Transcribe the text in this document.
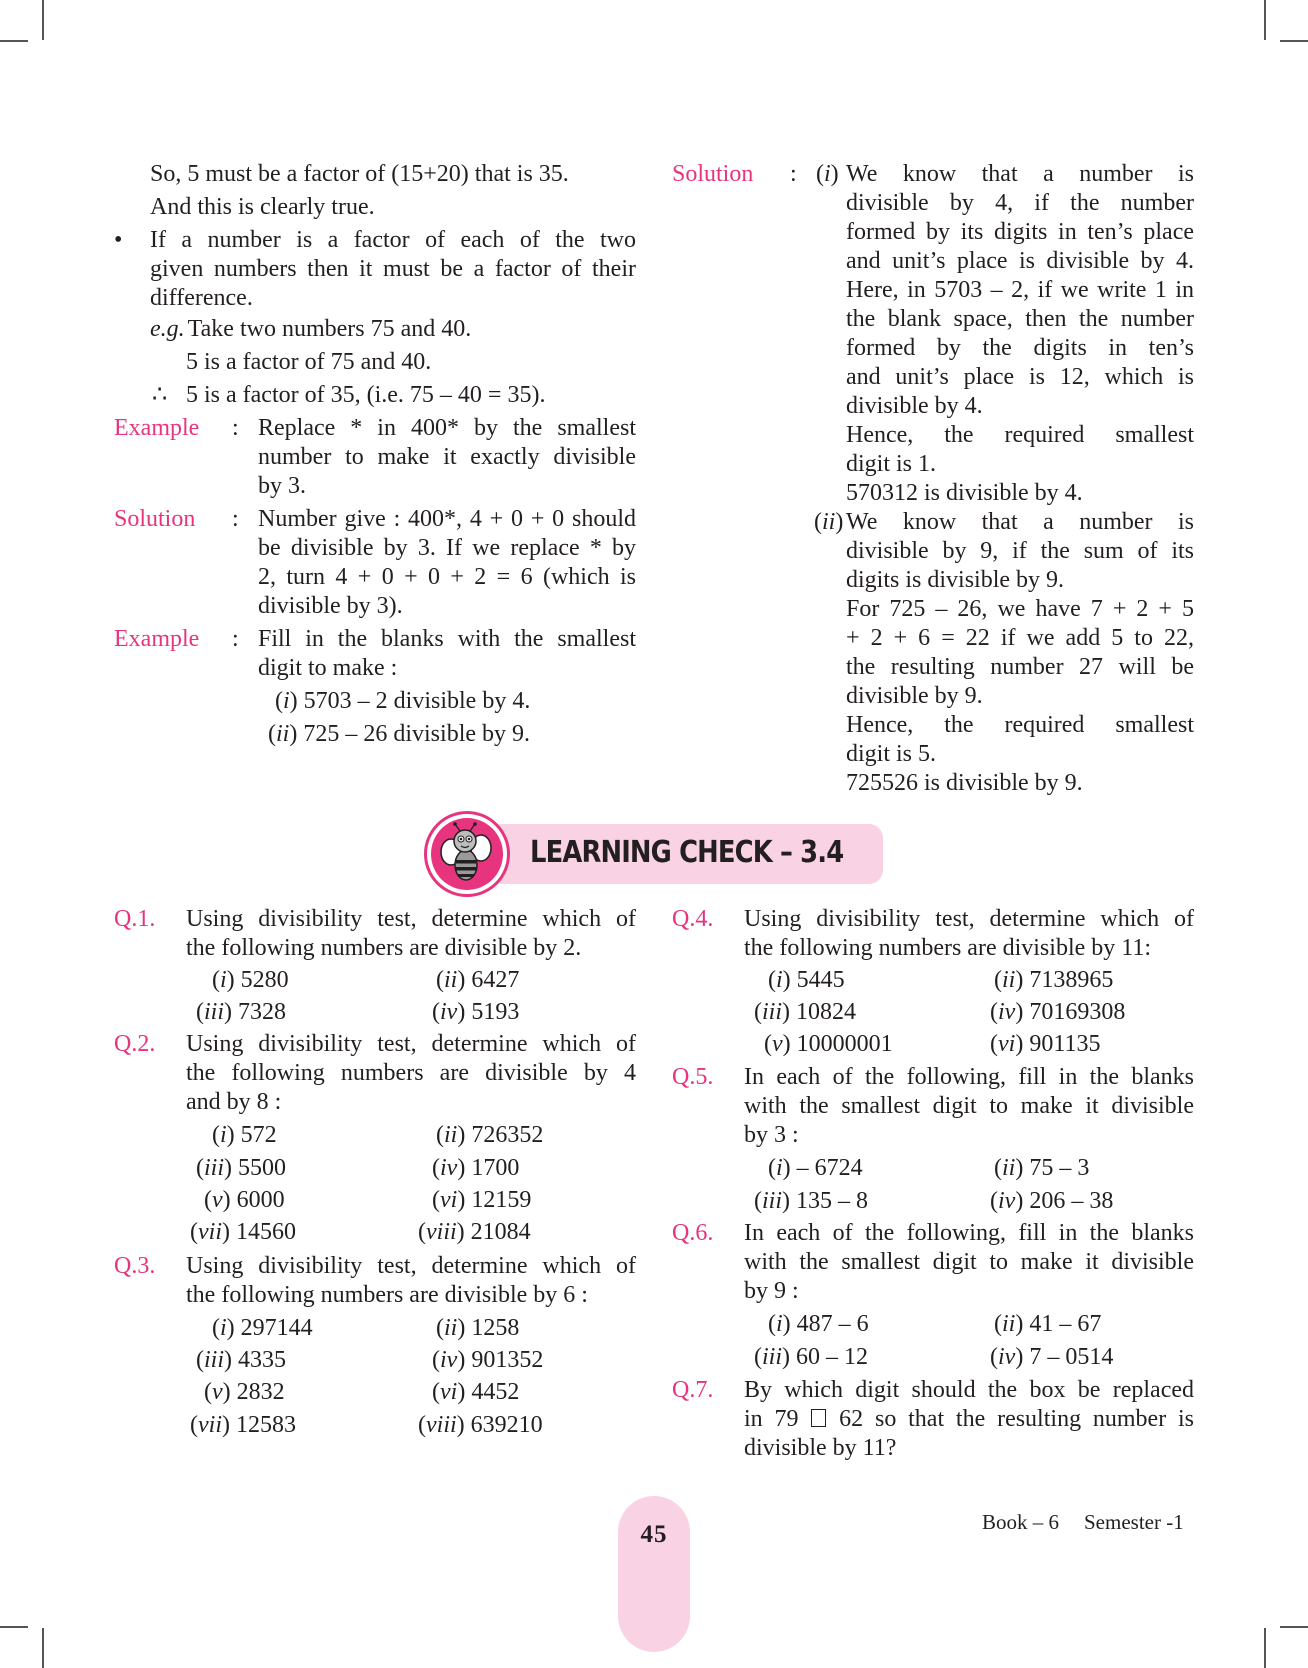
So, 5 must be a factor of (15+20) that is 35.
And this is clearly true.
• If a number is a factor of each of the two
given numbers then it must be a factor of their
difference.
e.g. Take two numbers 75 and 40.
5 is a factor of 75 and 40.
∴ 5 is a factor of 35, (i.e. 75 – 40 = 35).
Example : Replace * in 400* by the smallest
number to make it exactly divisible
by 3.
Solution : Number give : 400*, 4 + 0 + 0 should
be divisible by 3. If we replace * by
2, turn 4 + 0 + 0 + 2 = 6 (which is
divisible by 3).
Example : Fill in the blanks with the smallest
digit to make :
(i) 5703 – 2 divisible by 4.
(ii) 725 – 26 divisible by 9.
Solution : (i) We know that a number is
divisible by 4, if the number
formed by its digits in ten’s place
and unit’s place is divisible by 4.
Here, in 5703 – 2, if we write 1 in
the blank space, then the number
formed by the digits in ten’s
and unit’s place is 12, which is
divisible by 4.
Hence, the required smallest
digit is 1.
570312 is divisible by 4.
(ii) We know that a number is
divisible by 9, if the sum of its
digits is divisible by 9.
For 725 – 26, we have 7 + 2 + 5
+ 2 + 6 = 22 if we add 5 to 22,
the resulting number 27 will be
divisible by 9.
Hence, the required smallest
digit is 5.
725526 is divisible by 9.
LEARNING CHECK – 3.4
Q.1. Using divisibility test, determine which of
the following numbers are divisible by 2.
(i) 5280	(ii) 6427
(iii) 7328	(iv) 5193
Q.2. Using divisibility test, determine which of
the following numbers are divisible by 4
and by 8 :
(i) 572	(ii) 726352
(iii) 5500	(iv) 1700
(v) 6000	(vi) 12159
(vii) 14560	(viii) 21084
Q.3. Using divisibility test, determine which of
the following numbers are divisible by 6 :
(i) 297144	(ii) 1258
(iii) 4335	(iv) 901352
(v) 2832	(vi) 4452
(vii) 12583	(viii) 639210
Q.4. Using divisibility test, determine which of
the following numbers are divisible by 11:
(i) 5445	(ii) 7138965
(iii) 10824	(iv) 70169308
(v) 10000001	(vi) 901135
Q.5. In each of the following, fill in the blanks
with the smallest digit to make it divisible
by 3 :
(i) – 6724	(ii) 75 – 3
(iii) 135 – 8	(iv) 206 – 38
Q.6. In each of the following, fill in the blanks
with the smallest digit to make it divisible
by 9 :
(i) 487 – 6	(ii) 41 – 67
(iii) 60 – 12	(iv) 7 – 0514
Q.7. By which digit should the box be replaced
in 79 62 so that the resulting number is
divisible by 11?
45	Book – 6 Semester -1
